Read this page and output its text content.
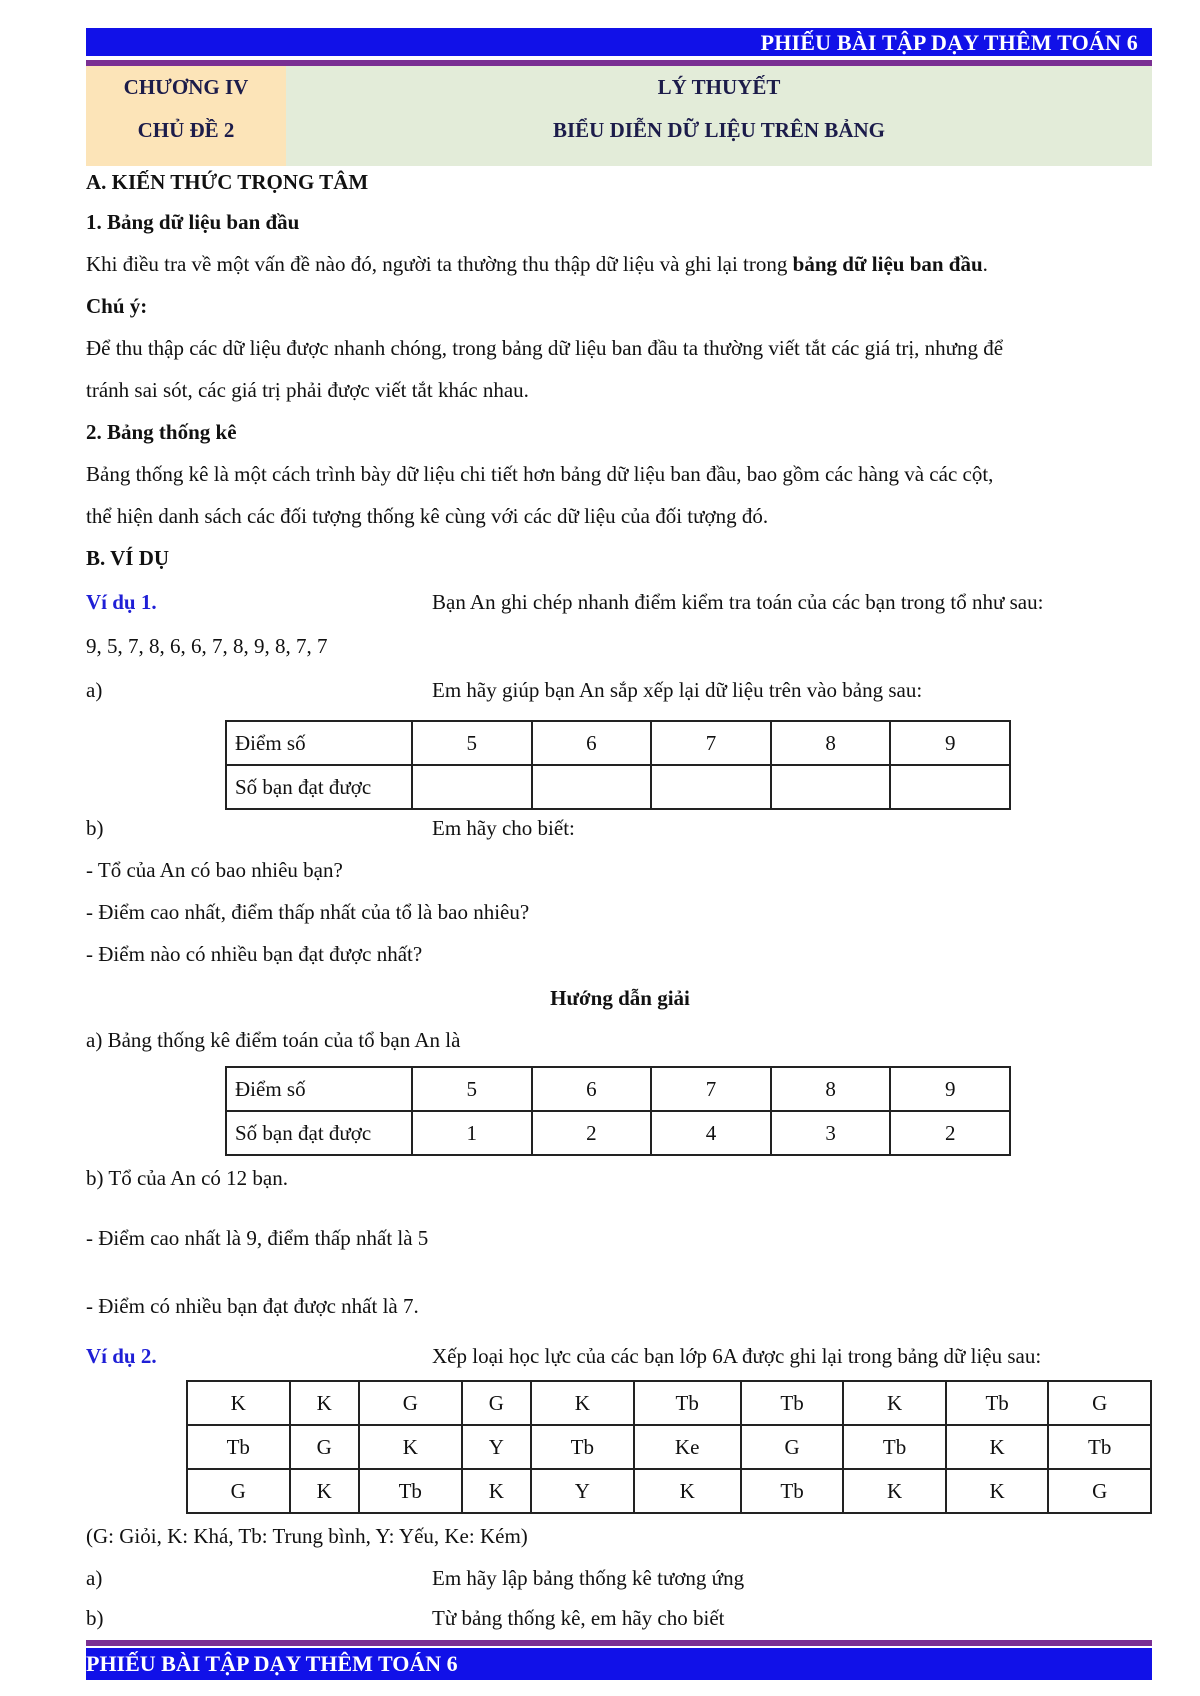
PHIẾU BÀI TẬP DẠY THÊM TOÁN 6
CHƯƠNG IV
CHỦ ĐỀ 2
LÝ THUYẾT
BIỂU DIỄN DỮ LIỆU TRÊN BẢNG
A. KIẾN THỨC TRỌNG TÂM
1. Bảng dữ liệu ban đầu
Khi điều tra về một vấn đề nào đó, người ta thường thu thập dữ liệu và ghi lại trong bảng dữ liệu ban đầu.
Chú ý:
Để thu thập các dữ liệu được nhanh chóng, trong bảng dữ liệu ban đầu ta thường viết tắt các giá trị, nhưng để
tránh sai sót, các giá trị phải được viết tắt khác nhau.
2. Bảng thống kê
Bảng thống kê là một cách trình bày dữ liệu chi tiết hơn bảng dữ liệu ban đầu, bao gồm các hàng và các cột,
thể hiện danh sách các đối tượng thống kê cùng với các dữ liệu của đối tượng đó.
B. VÍ DỤ
Ví dụ 1.	Bạn An ghi chép nhanh điểm kiểm tra toán của các bạn trong tổ như sau:
9, 5, 7, 8, 6, 6, 7, 8, 9, 8, 7, 7
a)	Em hãy giúp bạn An sắp xếp lại dữ liệu trên vào bảng sau:
Điểm số	5	6	7	8	9
Số bạn đạt được					
b)	Em hãy cho biết:
- Tổ của An có bao nhiêu bạn?
- Điểm cao nhất, điểm thấp nhất của tổ là bao nhiêu?
- Điểm nào có nhiều bạn đạt được nhất?
Hướng dẫn giải
a) Bảng thống kê điểm toán của tổ bạn An là
Điểm số	5	6	7	8	9
Số bạn đạt được	1	2	4	3	2
b) Tổ của An có 12 bạn.
- Điểm cao nhất là 9, điểm thấp nhất là 5
- Điểm có nhiều bạn đạt được nhất là 7.
Ví dụ 2.	Xếp loại học lực của các bạn lớp 6A được ghi lại trong bảng dữ liệu sau:
K	K	G	G	K	Tb	Tb	K	Tb	G
Tb	G	K	Y	Tb	Ke	G	Tb	K	Tb
G	K	Tb	K	Y	K	Tb	K	K	G
(G: Giỏi, K: Khá, Tb: Trung bình, Y: Yếu, Ke: Kém)
a)	Em hãy lập bảng thống kê tương ứng
b)	Từ bảng thống kê, em hãy cho biết
PHIẾU BÀI TẬP DẠY THÊM TOÁN 6
